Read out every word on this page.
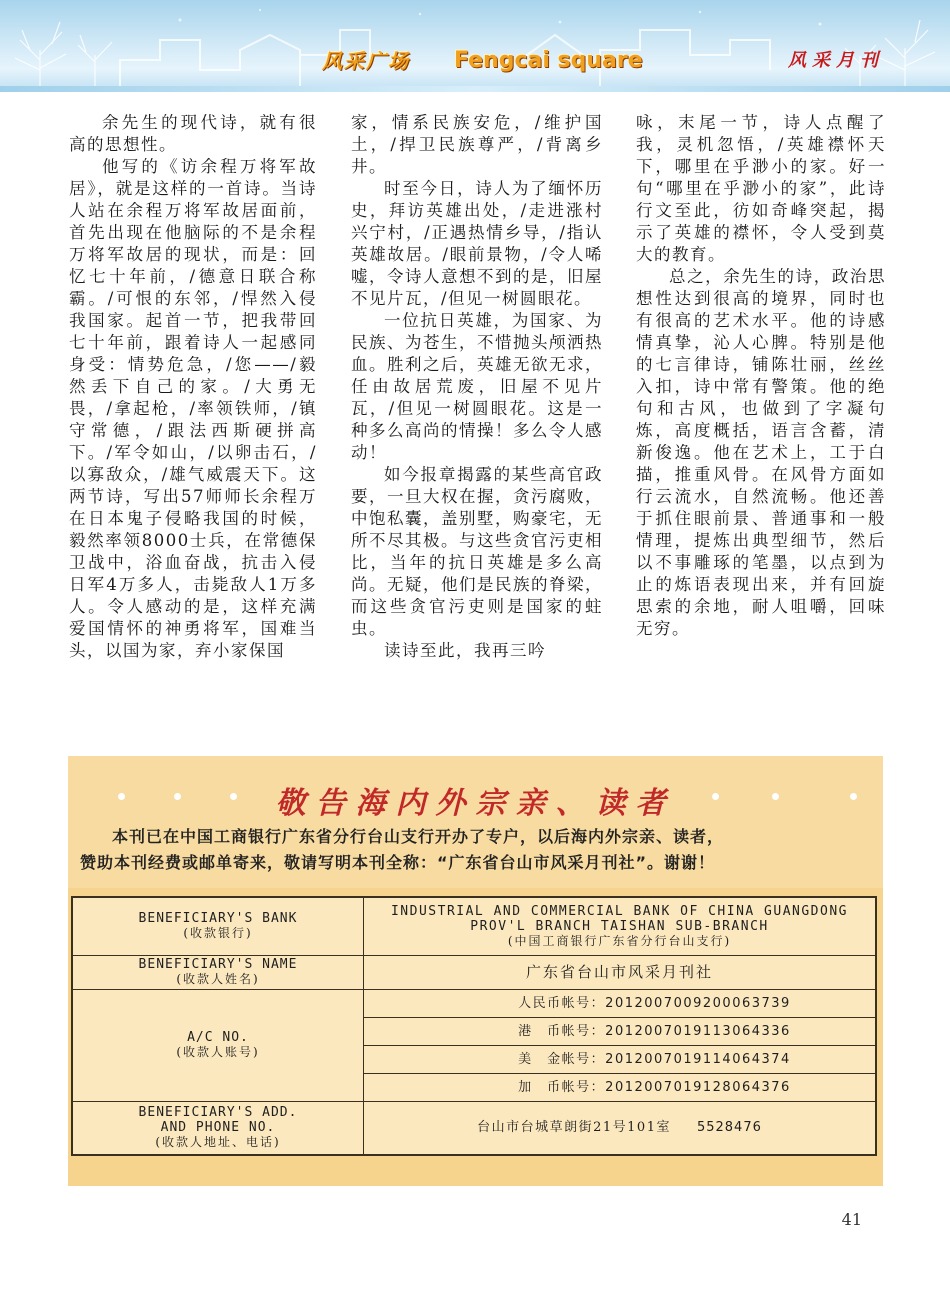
风采广场 Fengcai square	风采月刊

余先生的现代诗，就有很高的思想性。

他写的《访余程万将军故居》，就是这样的一首诗。当诗人站在余程万将军故居面前，首先出现在他脑际的不是余程万将军故居的现状，而是：回忆七十年前，/德意日联合称霸。/可恨的东邻，/悍然入侵我国家。起首一节，把我带回七十年前，跟着诗人一起感同身受：情势危急，/您——/毅然丢下自己的家。/大勇无畏，/拿起枪，/率领铁师，/镇守常德，/跟法西斯硬拼高下。/军令如山，/以卵击石，/以寡敌众，/雄气威震天下。这两节诗，写出57师师长余程万在日本鬼子侵略我国的时候，毅然率领8000士兵，在常德保卫战中，浴血奋战，抗击入侵日军4万多人，击毙敌人1万多人。令人感动的是，这样充满爱国情怀的神勇将军，国难当头，以国为家，弃小家保国

家，情系民族安危，/维护国土，/捍卫民族尊严，/背离乡井。

时至今日，诗人为了缅怀历史，拜访英雄出处，/走进涨村兴宁村，/正遇热情乡导，/指认英雄故居。/眼前景物，/令人唏嘘，令诗人意想不到的是，旧屋不见片瓦，/但见一树圆眼花。

一位抗日英雄，为国家、为民族、为苍生，不惜抛头颅洒热血。胜利之后，英雄无欲无求，任由故居荒废，旧屋不见片瓦，/但见一树圆眼花。这是一种多么高尚的情操！多么令人感动！

如今报章揭露的某些高官政要，一旦大权在握，贪污腐败，中饱私囊，盖别墅，购豪宅，无所不尽其极。与这些贪官污吏相比，当年的抗日英雄是多么高尚。无疑，他们是民族的脊梁，而这些贪官污吏则是国家的蛀虫。

读诗至此，我再三吟

咏，末尾一节，诗人点醒了我，灵机忽悟，/英雄襟怀天下，哪里在乎渺小的家。好一句“哪里在乎渺小的家”，此诗行文至此，彷如奇峰突起，揭示了英雄的襟怀，令人受到莫大的教育。

总之，余先生的诗，政治思想性达到很高的境界，同时也有很高的艺术水平。他的诗感情真挚，沁人心脾。特别是他的七言律诗，铺陈壮丽，丝丝入扣，诗中常有警策。他的绝句和古风，也做到了字凝句炼，高度概括，语言含蓄，清新俊逸。他在艺术上，工于白描，推重风骨。在风骨方面如行云流水，自然流畅。他还善于抓住眼前景、普通事和一般情理，提炼出典型细节，然后以不事雕琢的笔墨，以点到为止的炼语表现出来，并有回旋思索的余地，耐人咀嚼，回味无穷。

敬告海内外宗亲、读者
本刊已在中国工商银行广东省分行台山支行开办了专户，以后海内外宗亲、读者，
赞助本刊经费或邮单寄来，敬请写明本刊全称：“广东省台山市风采月刊社”。谢谢！
BENEFICIARY'S BANK
(收款银行)	INDUSTRIAL AND COMMERCIAL BANK OF CHINA GUANGDONG
PROV'L BRANCH TAISHAN SUB-BRANCH
(中国工商银行广东省分行台山支行)

BENEFICIARY'S NAME
(收款人姓名)	广东省台山市风采月刊社
A/C NO.
(收款人账号)	人民币帐号：2012007009200063739
	港　币帐号：2012007019113064336
	美　金帐号：2012007019114064374
	加　币帐号：2012007019128064376

BENEFICIARY'S ADD.
AND PHONE NO.
(收款人地址、电话)	台山市台城草朗街21号101室 5528476
41
